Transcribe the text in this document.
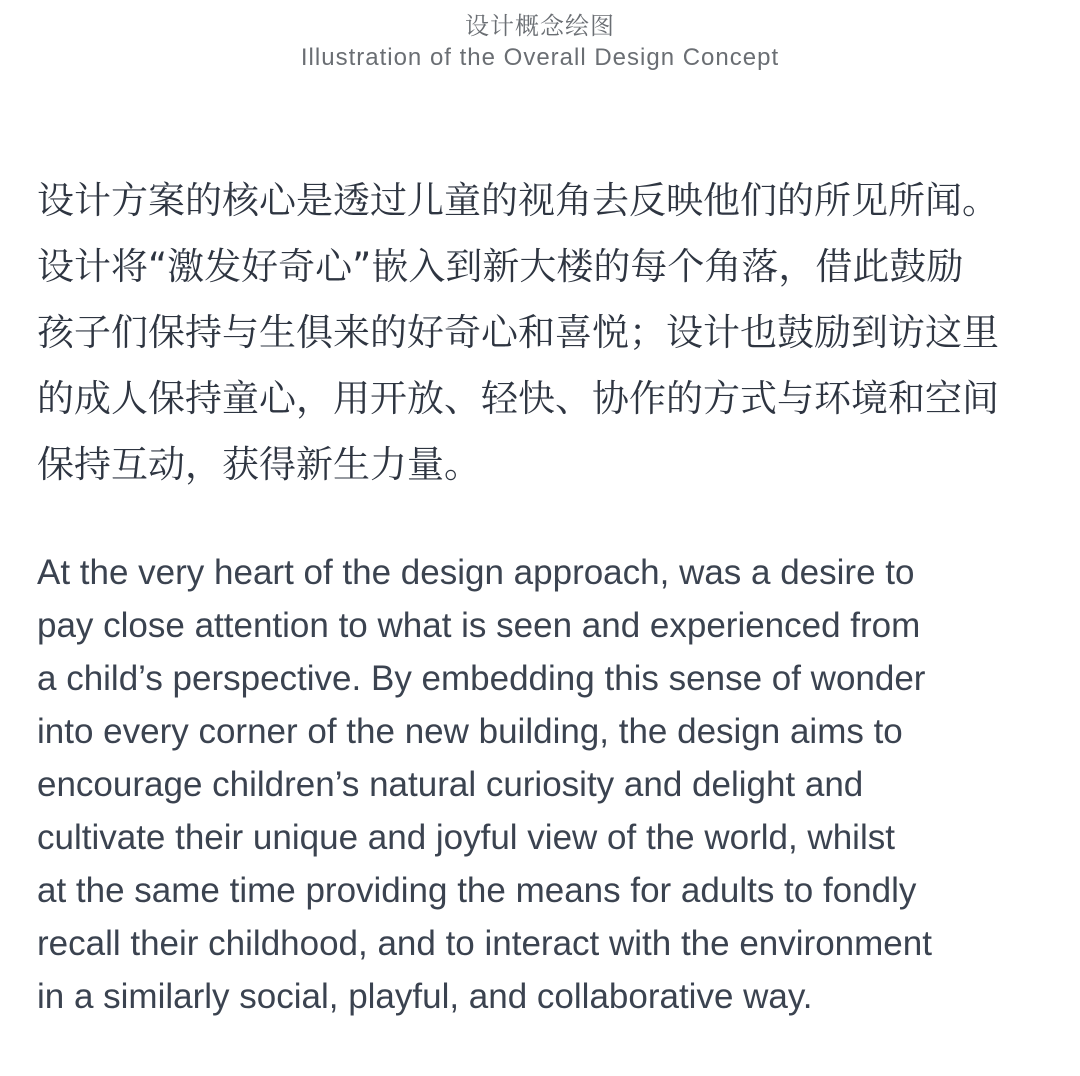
设计概念绘图
Illustration of the Overall Design Concept

设计方案的核心是透过儿童的视角去反映他们的所见所闻。
设计将“激发好奇心”嵌入到新大楼的每个角落，借此鼓励
孩子们保持与生俱来的好奇心和喜悦；设计也鼓励到访这里
的成人保持童心，用开放、轻快、协作的方式与环境和空间
保持互动，获得新生力量。

At the very heart of the design approach, was a desire to
pay close attention to what is seen and experienced from
a child’s perspective. By embedding this sense of wonder
into every corner of the new building, the design aims to
encourage children’s natural curiosity and delight and
cultivate their unique and joyful view of the world, whilst
at the same time providing the means for adults to fondly
recall their childhood, and to interact with the environment
in a similarly social, playful, and collaborative way.
